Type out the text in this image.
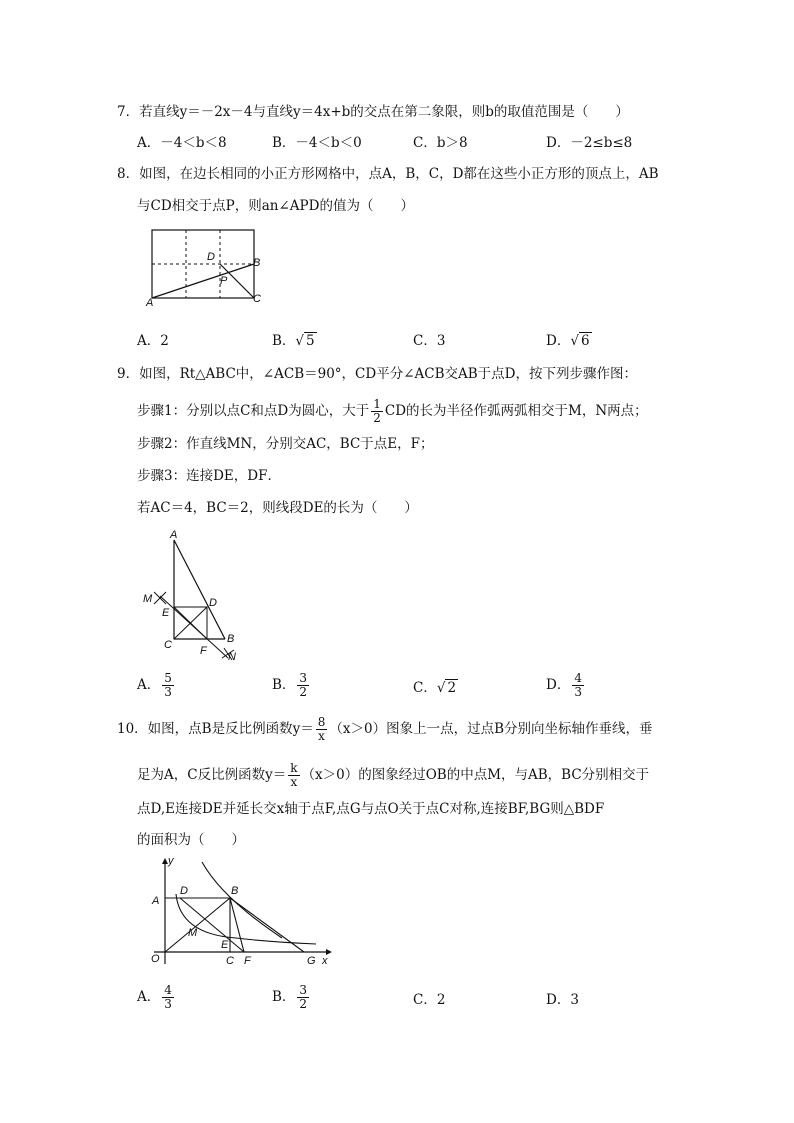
7．若直线y＝－2x－4与直线y＝4x+b的交点在第二象限，则b的取值范围是（　　）
A．－4＜b＜8	B．－4＜b＜0	C．b＞8	D．－2≤b≤8
8．如图，在边长相同的小正方形网格中，点A，B，C，D都在这些小正方形的顶点上，AB
与CD相交于点P，则an∠APD的值为（　　）
D	B
P
A	C
A．2	B．√ 5	C．3	D．√ 6
9．如图，Rt△ABC中，∠ACB＝90°，CD平分∠ACB交AB于点D，按下列步骤作图：
步骤1：分别以点C和点D为圆心，大于 $\frac{1}{2}$ CD的长为半径作弧两弧相交于M，N两点；
步骤2：作直线MN，分别交AC，BC于点E，F；
步骤3：连接DE，DF．
若AC＝4，BC＝2，则线段DE的长为（　　）
A
M
E
D
C	B
F N
A． $\frac{5}{3}$	B． $\frac{3}{2}$	C．√ 2	D． $\frac{4}{3}$
10．如图，点B是反比例函数$y= \frac{8}{x} (x>0)$图象上一点，过点B分别向坐标轴作垂线，垂
足为A，C反比例函数$y= \frac{k}{x} (x>0)$的图象经过OB的中点M，与AB，BC分别相交于
点D,E连接DE并延长交x轴于点F,点G与点O关于点C对称,连接BF,BG则△BDF
的面积为（　　）
y
A
D	B
M
E
O	C F	G x
A． $\frac{4}{3}$	B． $\frac{3}{2}$	C．2	D．3
